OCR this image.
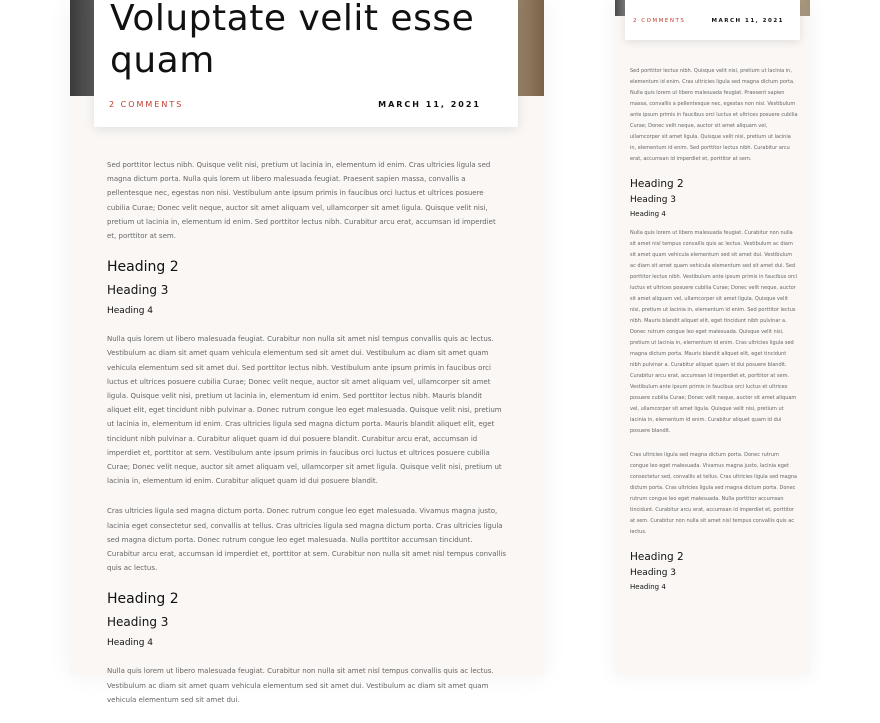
Voluptate velit esse quam
2 COMMENTS	MARCH 11, 2021

Sed porttitor lectus nibh. Quisque velit nisi, pretium ut lacinia in, elementum id enim. Cras ultricies ligula sed magna dictum porta. Nulla quis lorem ut libero malesuada feugiat. Praesent sapien massa, convallis a pellentesque nec, egestas non nisi. Vestibulum ante ipsum primis in faucibus orci luctus et ultrices posuere cubilia Curae; Donec velit neque, auctor sit amet aliquam vel, ullamcorper sit amet ligula. Quisque velit nisi, pretium ut lacinia in, elementum id enim. Sed porttitor lectus nibh. Curabitur arcu erat, accumsan id imperdiet et, porttitor at sem.

Heading 2
Heading 3
Heading 4

Nulla quis lorem ut libero malesuada feugiat. Curabitur non nulla sit amet nisl tempus convallis quis ac lectus. Vestibulum ac diam sit amet quam vehicula elementum sed sit amet dui. Vestibulum ac diam sit amet quam vehicula elementum sed sit amet dui. Sed porttitor lectus nibh. Vestibulum ante ipsum primis in faucibus orci luctus et ultrices posuere cubilia Curae; Donec velit neque, auctor sit amet aliquam vel, ullamcorper sit amet ligula. Quisque velit nisi, pretium ut lacinia in, elementum id enim. Sed porttitor lectus nibh. Mauris blandit aliquet elit, eget tincidunt nibh pulvinar a. Donec rutrum congue leo eget malesuada. Quisque velit nisi, pretium ut lacinia in, elementum id enim. Cras ultricies ligula sed magna dictum porta. Mauris blandit aliquet elit, eget tincidunt nibh pulvinar a. Curabitur aliquet quam id dui posuere blandit. Curabitur arcu erat, accumsan id imperdiet et, porttitor at sem. Vestibulum ante ipsum primis in faucibus orci luctus et ultrices posuere cubilia Curae; Donec velit neque, auctor sit amet aliquam vel, ullamcorper sit amet ligula. Quisque velit nisi, pretium ut lacinia in, elementum id enim. Curabitur aliquet quam id dui posuere blandit.

Cras ultricies ligula sed magna dictum porta. Donec rutrum congue leo eget malesuada. Vivamus magna justo, lacinia eget consectetur sed, convallis at tellus. Cras ultricies ligula sed magna dictum porta. Cras ultricies ligula sed magna dictum porta. Donec rutrum congue leo eget malesuada. Nulla porttitor accumsan tincidunt. Curabitur arcu erat, accumsan id imperdiet et, porttitor at sem. Curabitur non nulla sit amet nisl tempus convallis quis ac lectus.

Heading 2
Heading 3
Heading 4

Nulla quis lorem ut libero malesuada feugiat. Curabitur non nulla sit amet nisl tempus convallis quis ac lectus. Vestibulum ac diam sit amet quam vehicula elementum sed sit amet dui. Vestibulum ac diam sit amet quam vehicula elementum sed sit amet dui.

2 COMMENTS	MARCH 11, 2021

Sed porttitor lectus nibh. Quisque velit nisi, pretium ut lacinia in, elementum id enim. Cras ultricies ligula sed magna dictum porta. Nulla quis lorem ut libero malesuada feugiat. Praesent sapien massa, convallis a pellentesque nec, egestas non nisi. Vestibulum ante ipsum primis in faucibus orci luctus et ultrices posuere cubilia Curae; Donec velit neque, auctor sit amet aliquam vel, ullamcorper sit amet ligula. Quisque velit nisi, pretium ut lacinia in, elementum id enim. Sed porttitor lectus nibh. Curabitur arcu erat, accumsan id imperdiet et, porttitor at sem.

Heading 2
Heading 3
Heading 4

Nulla quis lorem ut libero malesuada feugiat. Curabitur non nulla sit amet nisl tempus convallis quis ac lectus. Vestibulum ac diam sit amet quam vehicula elementum sed sit amet dui. Vestibulum ac diam sit amet quam vehicula elementum sed sit amet dui. Sed porttitor lectus nibh. Vestibulum ante ipsum primis in faucibus orci luctus et ultrices posuere cubilia Curae; Donec velit neque, auctor sit amet aliquam vel, ullamcorper sit amet ligula. Quisque velit nisi, pretium ut lacinia in, elementum id enim. Sed porttitor lectus nibh. Mauris blandit aliquet elit, eget tincidunt nibh pulvinar a. Donec rutrum congue leo eget malesuada. Quisque velit nisi, pretium ut lacinia in, elementum id enim. Cras ultricies ligula sed magna dictum porta. Mauris blandit aliquet elit, eget tincidunt nibh pulvinar a. Curabitur aliquet quam id dui posuere blandit. Curabitur arcu erat, accumsan id imperdiet et, porttitor at sem. Vestibulum ante ipsum primis in faucibus orci luctus et ultrices posuere cubilia Curae; Donec velit neque, auctor sit amet aliquam vel, ullamcorper sit amet ligula. Quisque velit nisi, pretium ut lacinia in, elementum id enim. Curabitur aliquet quam id dui posuere blandit.

Cras ultricies ligula sed magna dictum porta. Donec rutrum congue leo eget malesuada. Vivamus magna justo, lacinia eget consectetur sed, convallis at tellus. Cras ultricies ligula sed magna dictum porta. Cras ultricies ligula sed magna dictum porta. Donec rutrum congue leo eget malesuada. Nulla porttitor accumsan tincidunt. Curabitur arcu erat, accumsan id imperdiet et, porttitor at sem. Curabitur non nulla sit amet nisl tempus convallis quis ac lectus.

Heading 2
Heading 3
Heading 4
